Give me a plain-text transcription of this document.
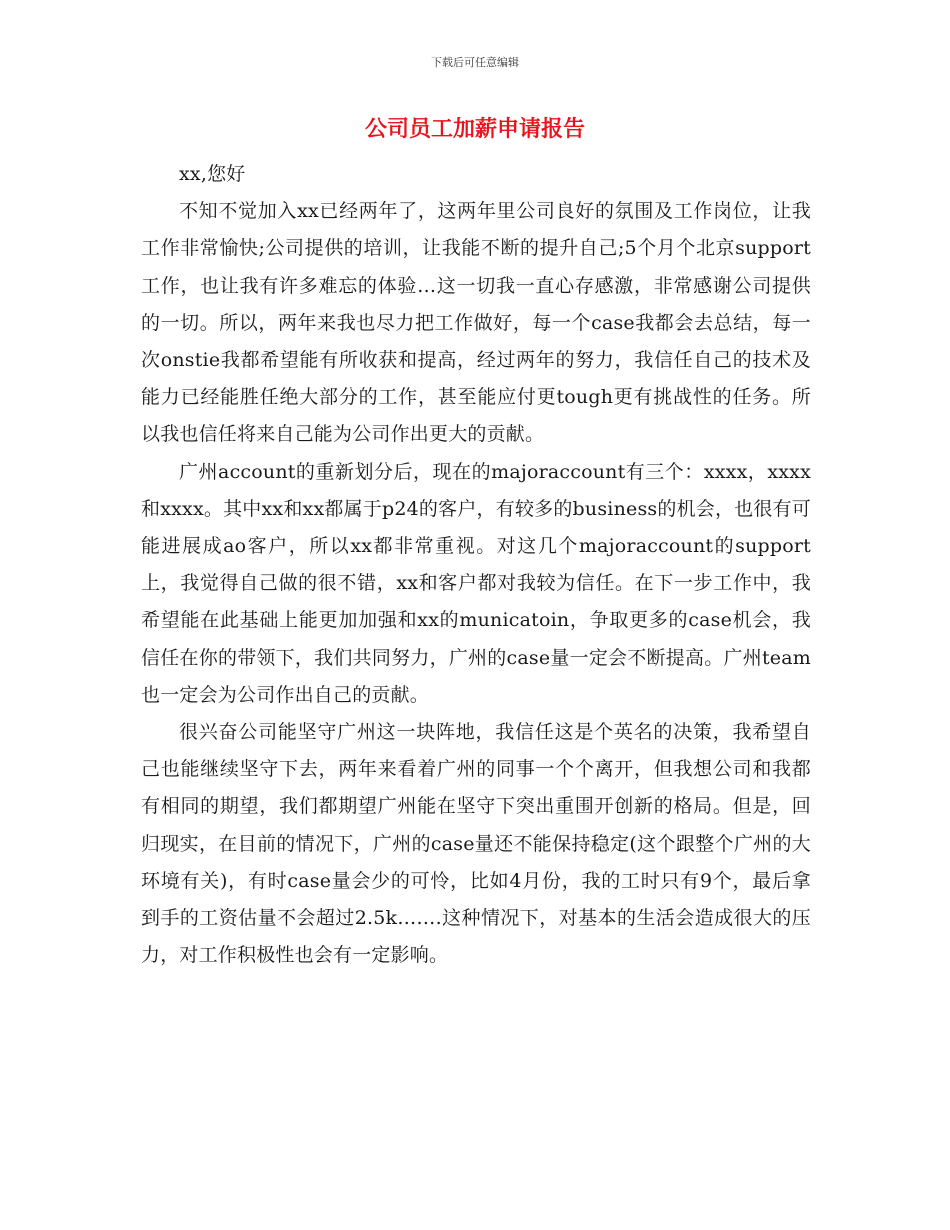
下载后可任意编辑
公司员工加薪申请报告

xx,您好

不知不觉加入xx已经两年了，这两年里公司良好的氛围及工作岗位，让我工作非常愉快;公司提供的培训，让我能不断的提升自己;5个月个北京support工作，也让我有许多难忘的体验…这一切我一直心存感激，非常感谢公司提供的一切。所以，两年来我也尽力把工作做好，每一个case我都会去总结，每一次onstie我都希望能有所收获和提高，经过两年的努力，我信任自己的技术及能力已经能胜任绝大部分的工作，甚至能应付更tough更有挑战性的任务。所以我也信任将来自己能为公司作出更大的贡献。

广州account的重新划分后，现在的majoraccount有三个：xxxx，xxxx和xxxx。其中xx和xx都属于p24的客户，有较多的business的机会，也很有可能进展成ao客户，所以xx都非常重视。对这几个majoraccount的support上，我觉得自己做的很不错，xx和客户都对我较为信任。在下一步工作中，我希望能在此基础上能更加加强和xx的municatoin，争取更多的case机会，我信任在你的带领下，我们共同努力，广州的case量一定会不断提高。广州team也一定会为公司作出自己的贡献。

很兴奋公司能坚守广州这一块阵地，我信任这是个英名的决策，我希望自己也能继续坚守下去，两年来看着广州的同事一个个离开，但我想公司和我都有相同的期望，我们都期望广州能在坚守下突出重围开创新的格局。但是，回归现实，在目前的情况下，广州的case量还不能保持稳定(这个跟整个广州的大环境有关)，有时case量会少的可怜，比如4月份，我的工时只有9个，最后拿到手的工资估量不会超过2.5k…….这种情况下，对基本的生活会造成很大的压力，对工作积极性也会有一定影响。
